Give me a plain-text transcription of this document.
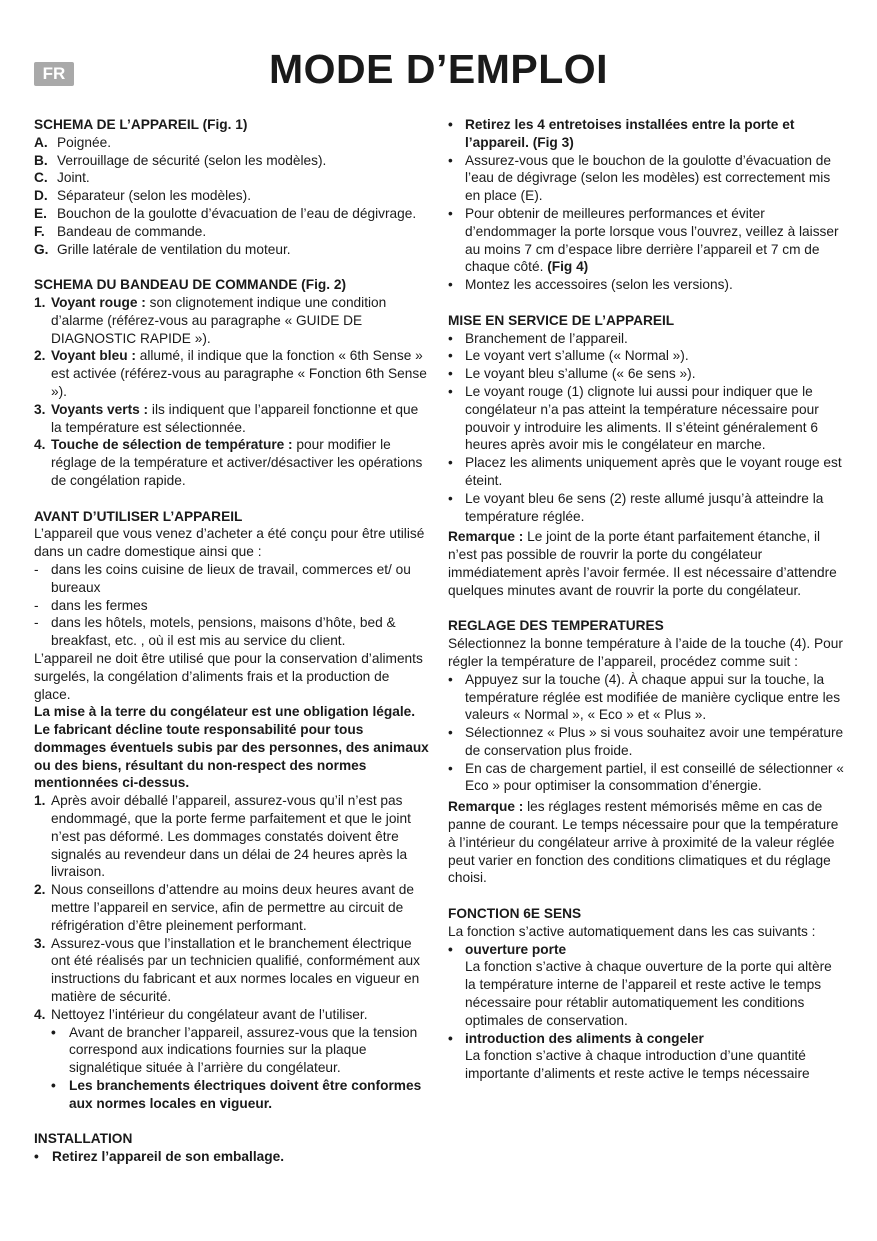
FR	MODE D’EMPLOI
SCHEMA DE L’APPAREIL (Fig. 1)
A. Poignée.
B. Verrouillage de sécurité (selon les modèles).
C. Joint.
D. Séparateur (selon les modèles).
E. Bouchon de la goulotte d’évacuation de l’eau de dégivrage.
F. Bandeau de commande.
G. Grille latérale de ventilation du moteur.
SCHEMA DU BANDEAU DE COMMANDE (Fig. 2)
1. Voyant rouge : son clignotement indique une condition d’alarme (référez-vous au paragraphe « GUIDE DE DIAGNOSTIC RAPIDE »).
2. Voyant bleu : allumé, il indique que la fonction « 6th Sense » est activée (référez-vous au paragraphe « Fonction 6th Sense »).
3. Voyants verts : ils indiquent que l’appareil fonctionne et que la température est sélectionnée.
4. Touche de sélection de température : pour modifier le réglage de la température et activer/désactiver les opérations de congélation rapide.
AVANT D’UTILISER L’APPAREIL
L’appareil que vous venez d’acheter a été conçu pour être utilisé dans un cadre domestique ainsi que :
- dans les coins cuisine de lieux de travail, commerces et/ ou bureaux
- dans les fermes
- dans les hôtels, motels, pensions, maisons d’hôte, bed & breakfast, etc. , où il est mis au service du client.
L’appareil ne doit être utilisé que pour la conservation d’aliments surgelés, la congélation d’aliments frais et la production de glace.
La mise à la terre du congélateur est une obligation légale. Le fabricant décline toute responsabilité pour tous dommages éventuels subis par des personnes, des animaux ou des biens, résultant du non-respect des normes mentionnées ci-dessus.
1. Après avoir déballé l’appareil, assurez-vous qu’il n’est pas endommagé, que la porte ferme parfaitement et que le joint n’est pas déformé. Les dommages constatés doivent être signalés au revendeur dans un délai de 24 heures après la livraison.
2. Nous conseillons d’attendre au moins deux heures avant de mettre l’appareil en service, afin de permettre au circuit de réfrigération d’être pleinement performant.
3. Assurez-vous que l’installation et le branchement électrique ont été réalisés par un technicien qualifié, conformément aux instructions du fabricant et aux normes locales en vigueur en matière de sécurité.
4. Nettoyez l’intérieur du congélateur avant de l’utiliser.
• Avant de brancher l’appareil, assurez-vous que la tension correspond aux indications fournies sur la plaque signalétique située à l’arrière du congélateur.
• Les branchements électriques doivent être conformes aux normes locales en vigueur.
INSTALLATION
• Retirez l’appareil de son emballage.
• Retirez les 4 entretoises installées entre la porte et l’appareil. (Fig 3)
• Assurez-vous que le bouchon de la goulotte d’évacuation de l’eau de dégivrage (selon les modèles) est correctement mis en place (E).
• Pour obtenir de meilleures performances et éviter d’endommager la porte lorsque vous l’ouvrez, veillez à laisser au moins 7 cm d’espace libre derrière l’appareil et 7 cm de chaque côté. (Fig 4)
• Montez les accessoires (selon les versions).
MISE EN SERVICE DE L’APPAREIL
• Branchement de l’appareil.
• Le voyant vert s’allume (« Normal »).
• Le voyant bleu s’allume (« 6e sens »).
• Le voyant rouge (1) clignote lui aussi pour indiquer que le congélateur n’a pas atteint la température nécessaire pour pouvoir y introduire les aliments. Il s’éteint généralement 6 heures après avoir mis le congélateur en marche.
• Placez les aliments uniquement après que le voyant rouge est éteint.
• Le voyant bleu 6e sens (2) reste allumé jusqu’à atteindre la température réglée.
Remarque : Le joint de la porte étant parfaitement étanche, il n’est pas possible de rouvrir la porte du congélateur immédiatement après l’avoir fermée. Il est nécessaire d’attendre quelques minutes avant de rouvrir la porte du congélateur.
REGLAGE DES TEMPERATURES
Sélectionnez la bonne température à l’aide de la touche (4). Pour régler la température de l’appareil, procédez comme suit :
• Appuyez sur la touche (4). À chaque appui sur la touche, la température réglée est modifiée de manière cyclique entre les valeurs « Normal », « Eco » et « Plus ».
• Sélectionnez « Plus » si vous souhaitez avoir une température de conservation plus froide.
• En cas de chargement partiel, il est conseillé de sélectionner « Eco » pour optimiser la consommation d’énergie.
Remarque : les réglages restent mémorisés même en cas de panne de courant. Le temps nécessaire pour que la température à l’intérieur du congélateur arrive à proximité de la valeur réglée peut varier en fonction des conditions climatiques et du réglage choisi.
FONCTION 6E SENS
La fonction s’active automatiquement dans les cas suivants :
• ouverture porte
La fonction s’active à chaque ouverture de la porte qui altère la température interne de l’appareil et reste active le temps nécessaire pour rétablir automatiquement les conditions optimales de conservation.
• introduction des aliments à congeler
La fonction s’active à chaque introduction d’une quantité importante d’aliments et reste active le temps nécessaire
